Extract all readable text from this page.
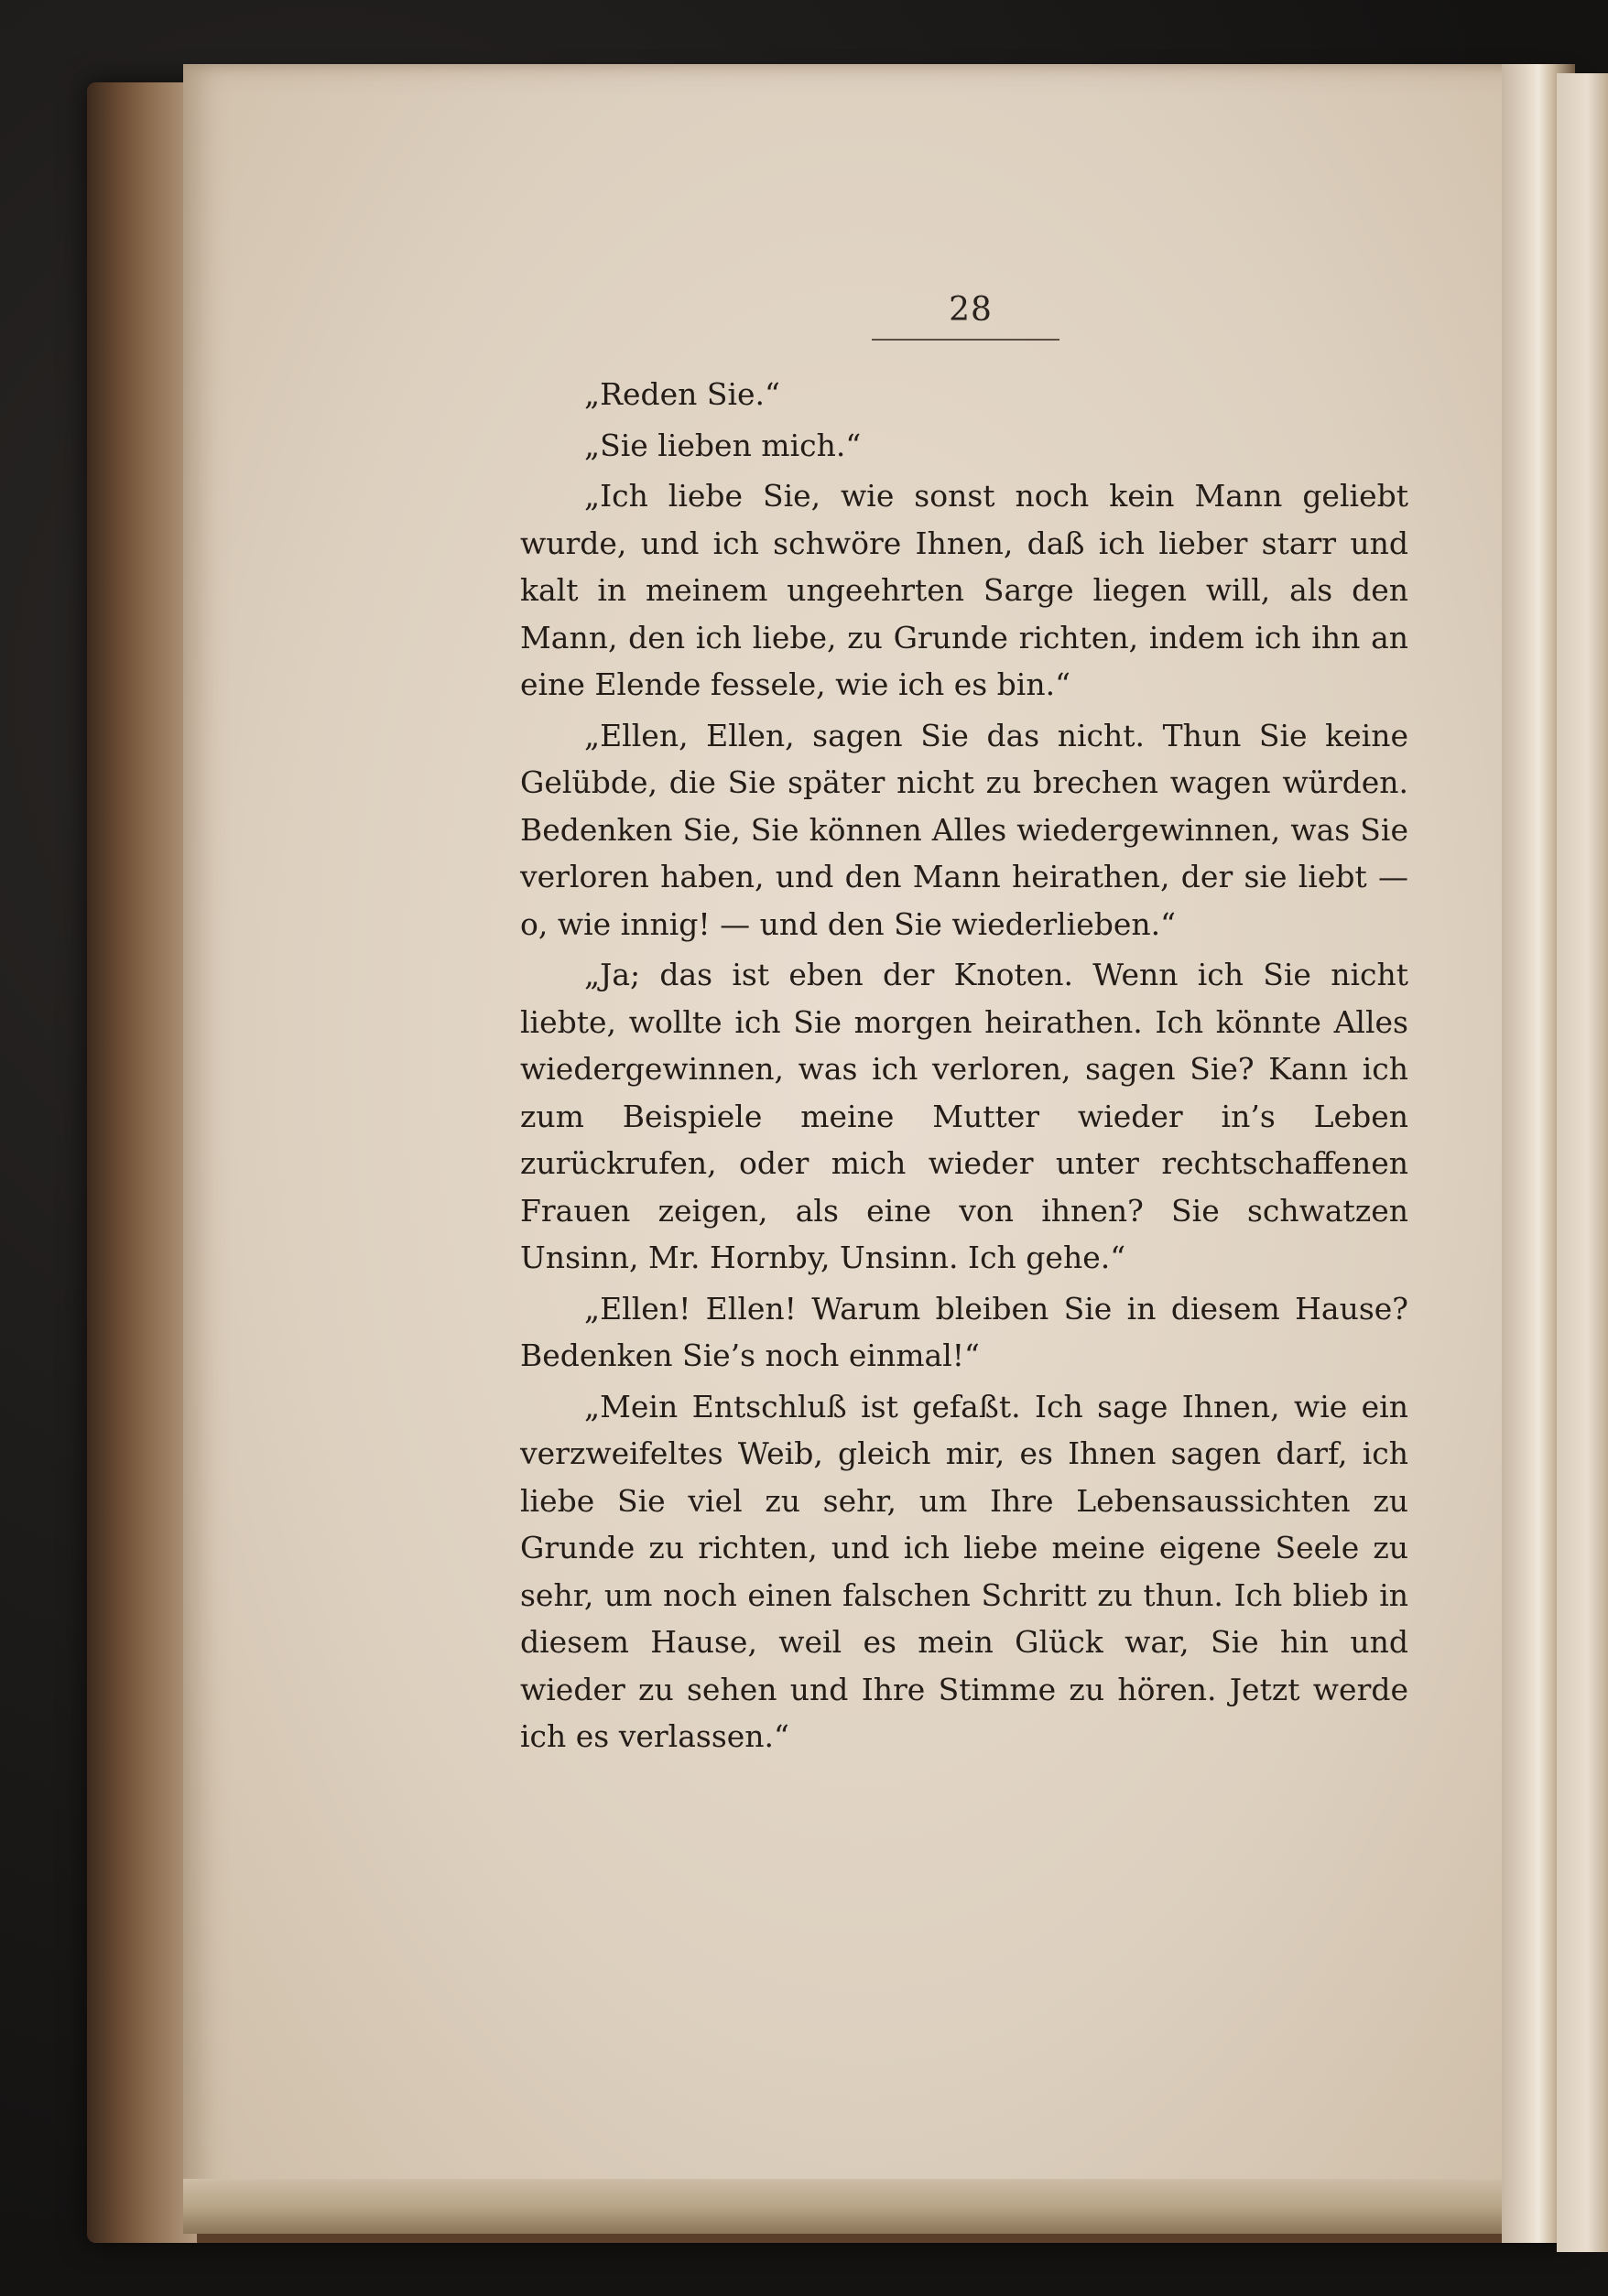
28

„Reden Sie.“

„Sie lieben mich.“

„Ich liebe Sie, wie sonst noch kein Mann geliebt wurde, und ich schwöre Ihnen, daß ich lieber starr und kalt in meinem ungeehrten Sarge liegen will, als den Mann, den ich liebe, zu Grunde richten, indem ich ihn an eine Elende fessele, wie ich es bin.“

„Ellen, Ellen, sagen Sie das nicht. Thun Sie keine Gelübde, die Sie später nicht zu brechen wagen würden. Bedenken Sie, Sie können Alles wiedergewinnen, was Sie verloren haben, und den Mann heirathen, der sie liebt — o, wie innig! — und den Sie wiederlieben.“

„Ja; das ist eben der Knoten. Wenn ich Sie nicht liebte, wollte ich Sie morgen heirathen. Ich könnte Alles wiedergewinnen, was ich verloren, sagen Sie? Kann ich zum Beispiele meine Mutter wieder in’s Leben zurückrufen, oder mich wieder unter rechtschaffenen Frauen zeigen, als eine von ihnen? Sie schwatzen Unsinn, Mr. Hornby, Unsinn. Ich gehe.“

„Ellen! Ellen! Warum bleiben Sie in diesem Hause? Bedenken Sie’s noch einmal!“

„Mein Entschluß ist gefaßt. Ich sage Ihnen, wie ein verzweifeltes Weib, gleich mir, es Ihnen sagen darf, ich liebe Sie viel zu sehr, um Ihre Lebensaussichten zu Grunde zu richten, und ich liebe meine eigene Seele zu sehr, um noch einen falschen Schritt zu thun. Ich blieb in diesem Hause, weil es mein Glück war, Sie hin und wieder zu sehen und Ihre Stimme zu hören. Jetzt werde ich es verlassen.“
